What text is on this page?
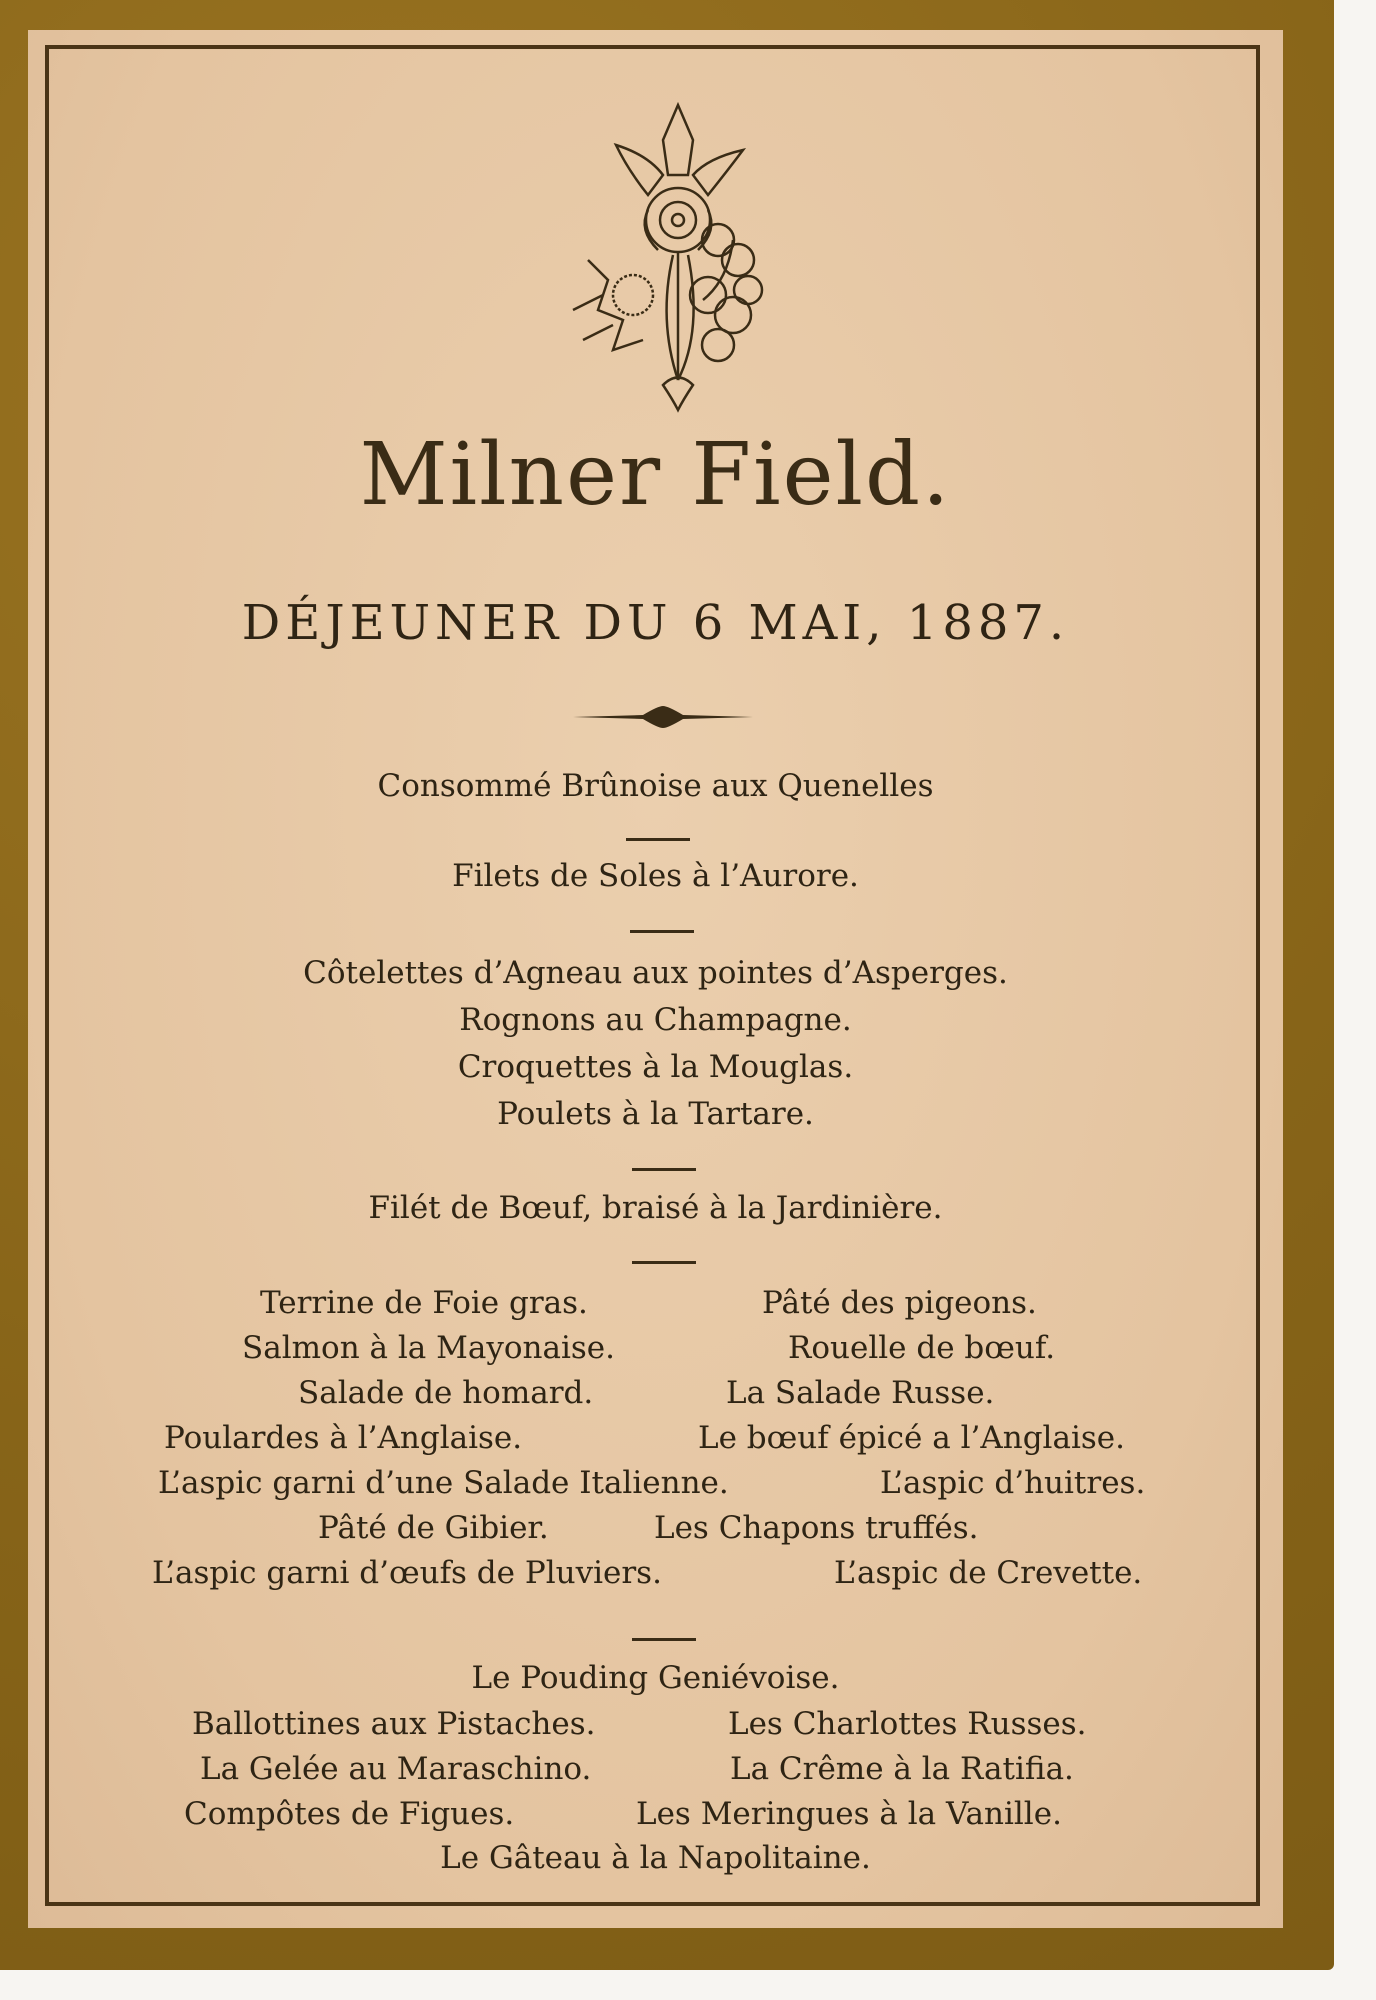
Milner Field.
DÉJEUNER DU 6 MAI, 1887.
Consommé Brûnoise aux Quenelles
Filets de Soles à l’Aurore.
Côtelettes d’Agneau aux pointes d’Asperges.
Rognons au Champagne.
Croquettes à la Mouglas.
Poulets à la Tartare.
Filét de Bœuf, braisé à la Jardinière.
Terrine de Foie gras.	Pâté des pigeons.
Salmon à la Mayonaise.	Rouelle de bœuf.
Salade de homard.	La Salade Russe.
Poulardes à l’Anglaise.	Le bœuf épicé a l’Anglaise.
L’aspic garni d’une Salade Italienne.	L’aspic d’huitres.
Pâté de Gibier.	Les Chapons truffés.
L’aspic garni d’œufs de Pluviers.	L’aspic de Crevette.
Le Pouding Geniévoise.
Ballottines aux Pistaches.	Les Charlottes Russes.
La Gelée au Maraschino.	La Crême à la Ratifia.
Compôtes de Figues.	Les Meringues à la Vanille.
Le Gâteau à la Napolitaine.
